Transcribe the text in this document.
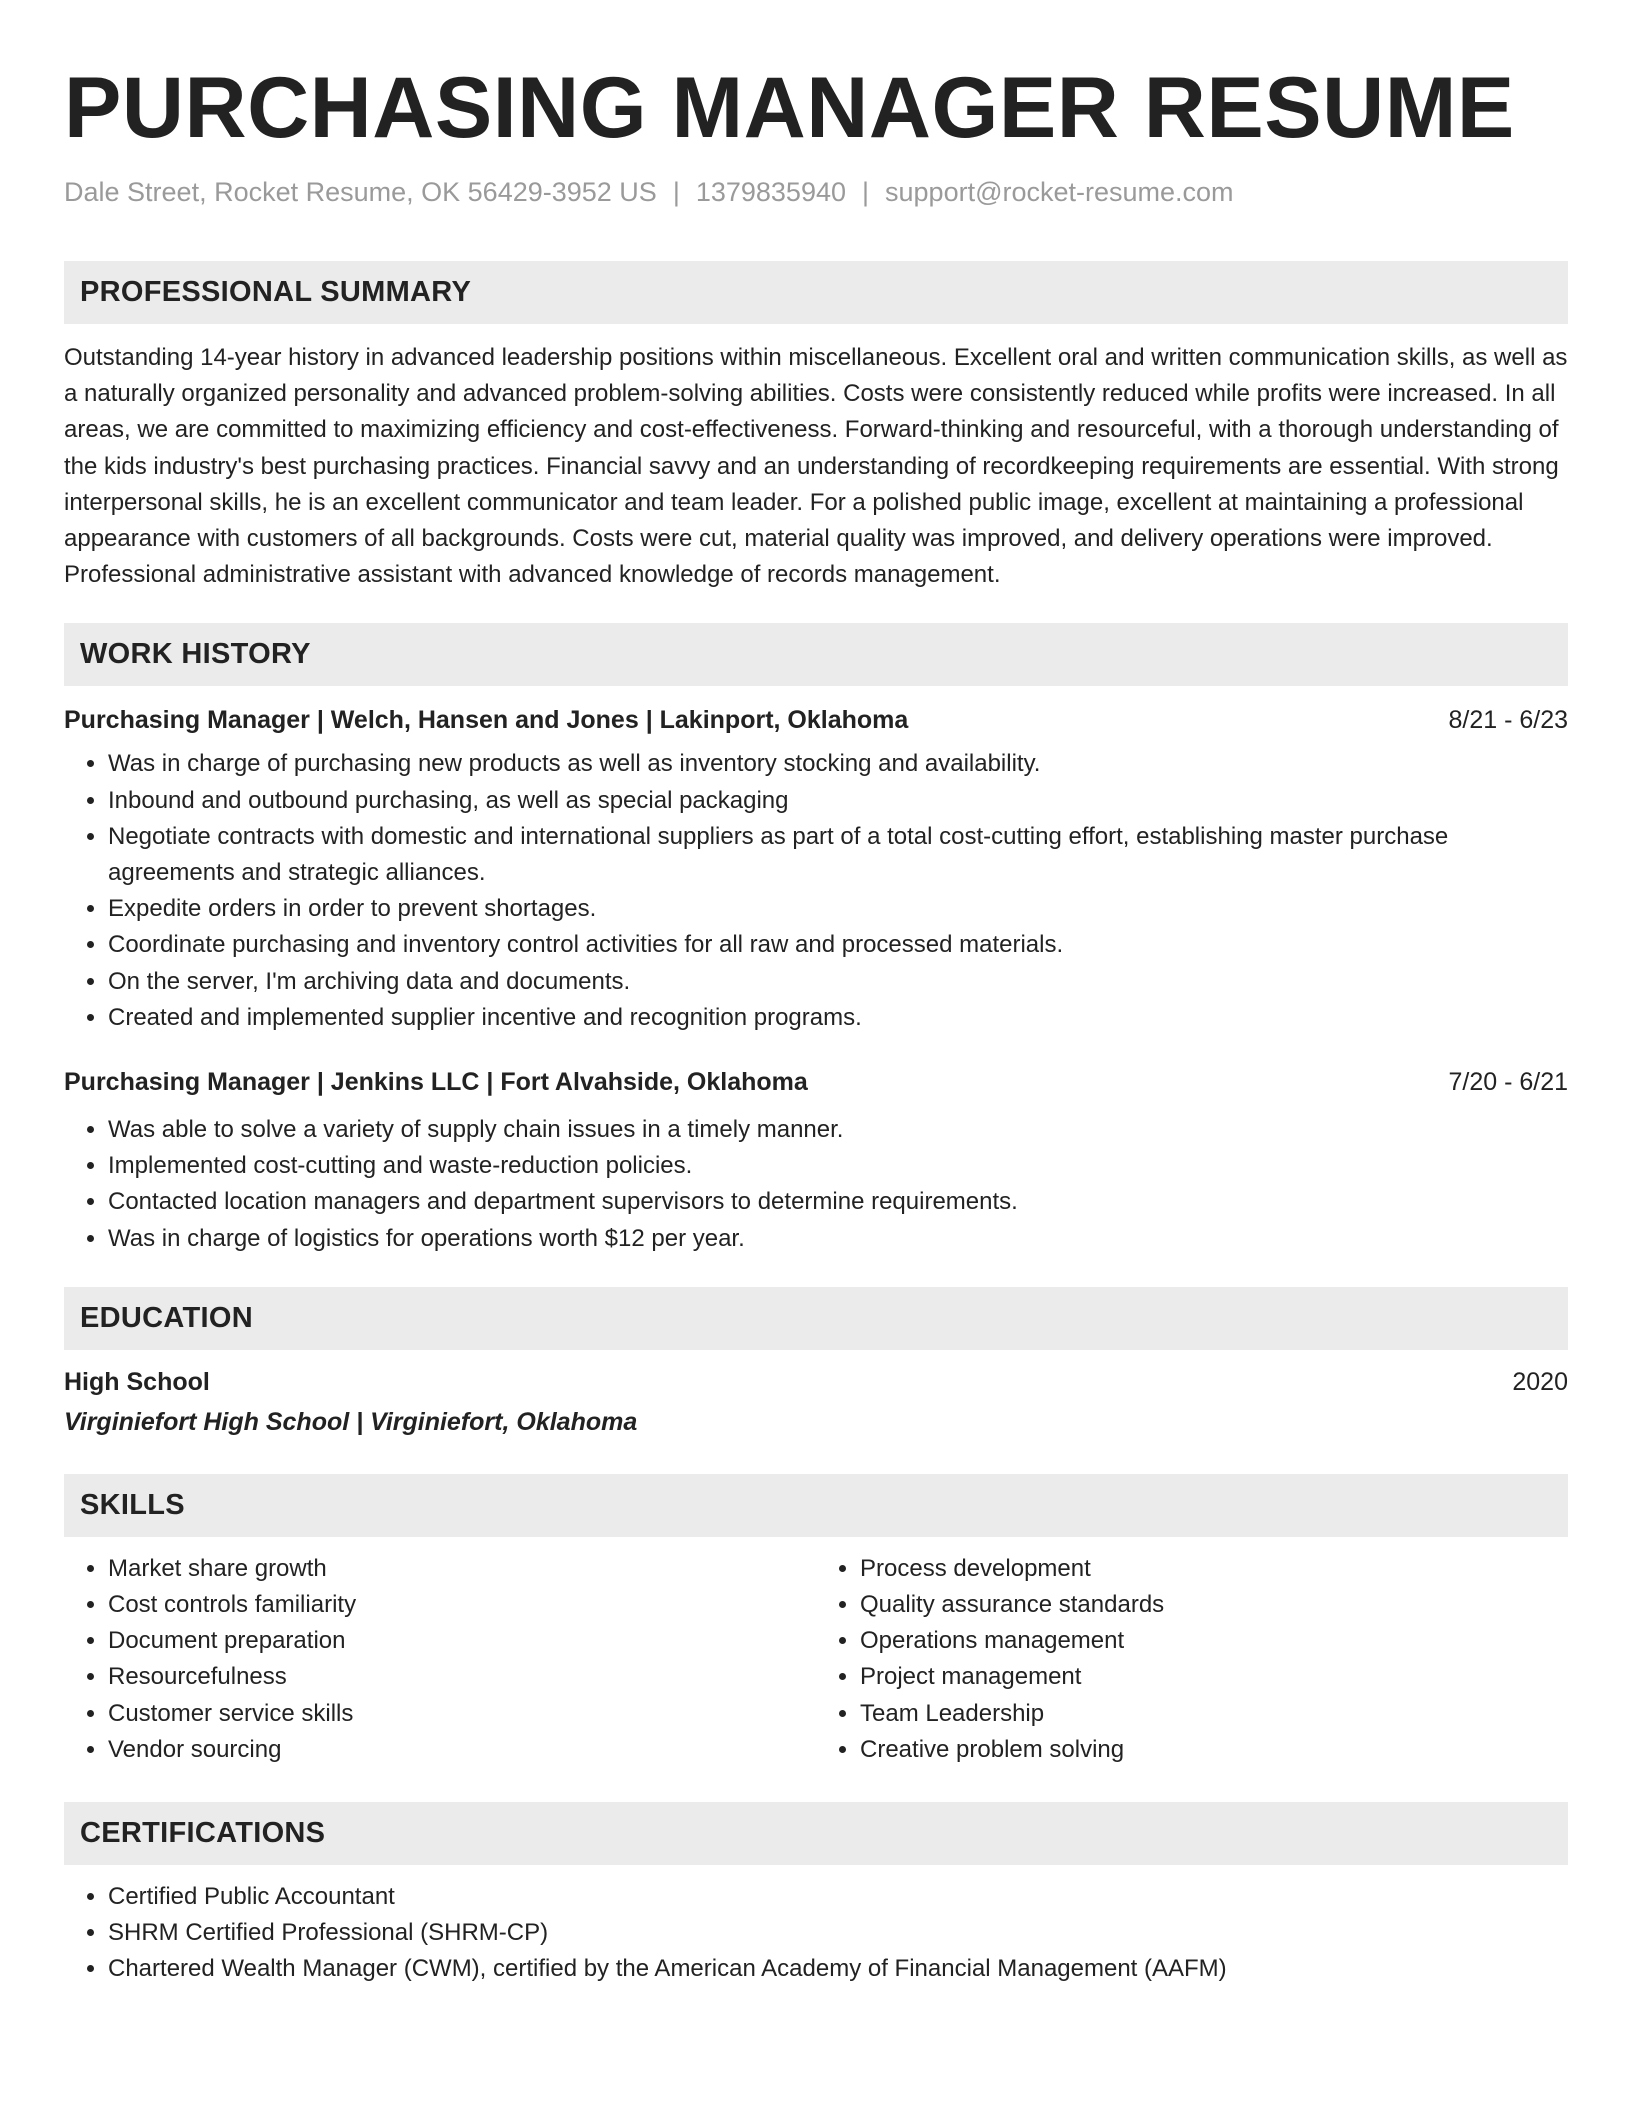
PURCHASING MANAGER RESUME
Dale Street, Rocket Resume, OK 56429-3952 US | 1379835940 | support@rocket-resume.com
PROFESSIONAL SUMMARY

Outstanding 14-year history in advanced leadership positions within miscellaneous. Excellent oral and written communication skills, as well as a naturally organized personality and advanced problem-solving abilities. Costs were consistently reduced while profits were increased. In all areas, we are committed to maximizing efficiency and cost-effectiveness. Forward-thinking and resourceful, with a thorough understanding of the kids industry's best purchasing practices. Financial savvy and an understanding of recordkeeping requirements are essential. With strong interpersonal skills, he is an excellent communicator and team leader. For a polished public image, excellent at maintaining a professional appearance with customers of all backgrounds. Costs were cut, material quality was improved, and delivery operations were improved. Professional administrative assistant with advanced knowledge of records management.

WORK HISTORY
Purchasing Manager | Welch, Hansen and Jones | Lakinport, Oklahoma	8/21 - 6/23
• Was in charge of purchasing new products as well as inventory stocking and availability.
• Inbound and outbound purchasing, as well as special packaging
• Negotiate contracts with domestic and international suppliers as part of a total cost-cutting effort, establishing master purchase agreements and strategic alliances.
• Expedite orders in order to prevent shortages.
• Coordinate purchasing and inventory control activities for all raw and processed materials.
• On the server, I'm archiving data and documents.
• Created and implemented supplier incentive and recognition programs.
Purchasing Manager | Jenkins LLC | Fort Alvahside, Oklahoma	7/20 - 6/21
• Was able to solve a variety of supply chain issues in a timely manner.
• Implemented cost-cutting and waste-reduction policies.
• Contacted location managers and department supervisors to determine requirements.
• Was in charge of logistics for operations worth $12 per year.
EDUCATION
High School	2020
Virginiefort High School | Virginiefort, Oklahoma
SKILLS
• Market share growth
• Cost controls familiarity
• Document preparation
• Resourcefulness
• Customer service skills
• Vendor sourcing
• Process development
• Quality assurance standards
• Operations management
• Project management
• Team Leadership
• Creative problem solving
CERTIFICATIONS
• Certified Public Accountant
• SHRM Certified Professional (SHRM-CP)
• Chartered Wealth Manager (CWM), certified by the American Academy of Financial Management (AAFM)
